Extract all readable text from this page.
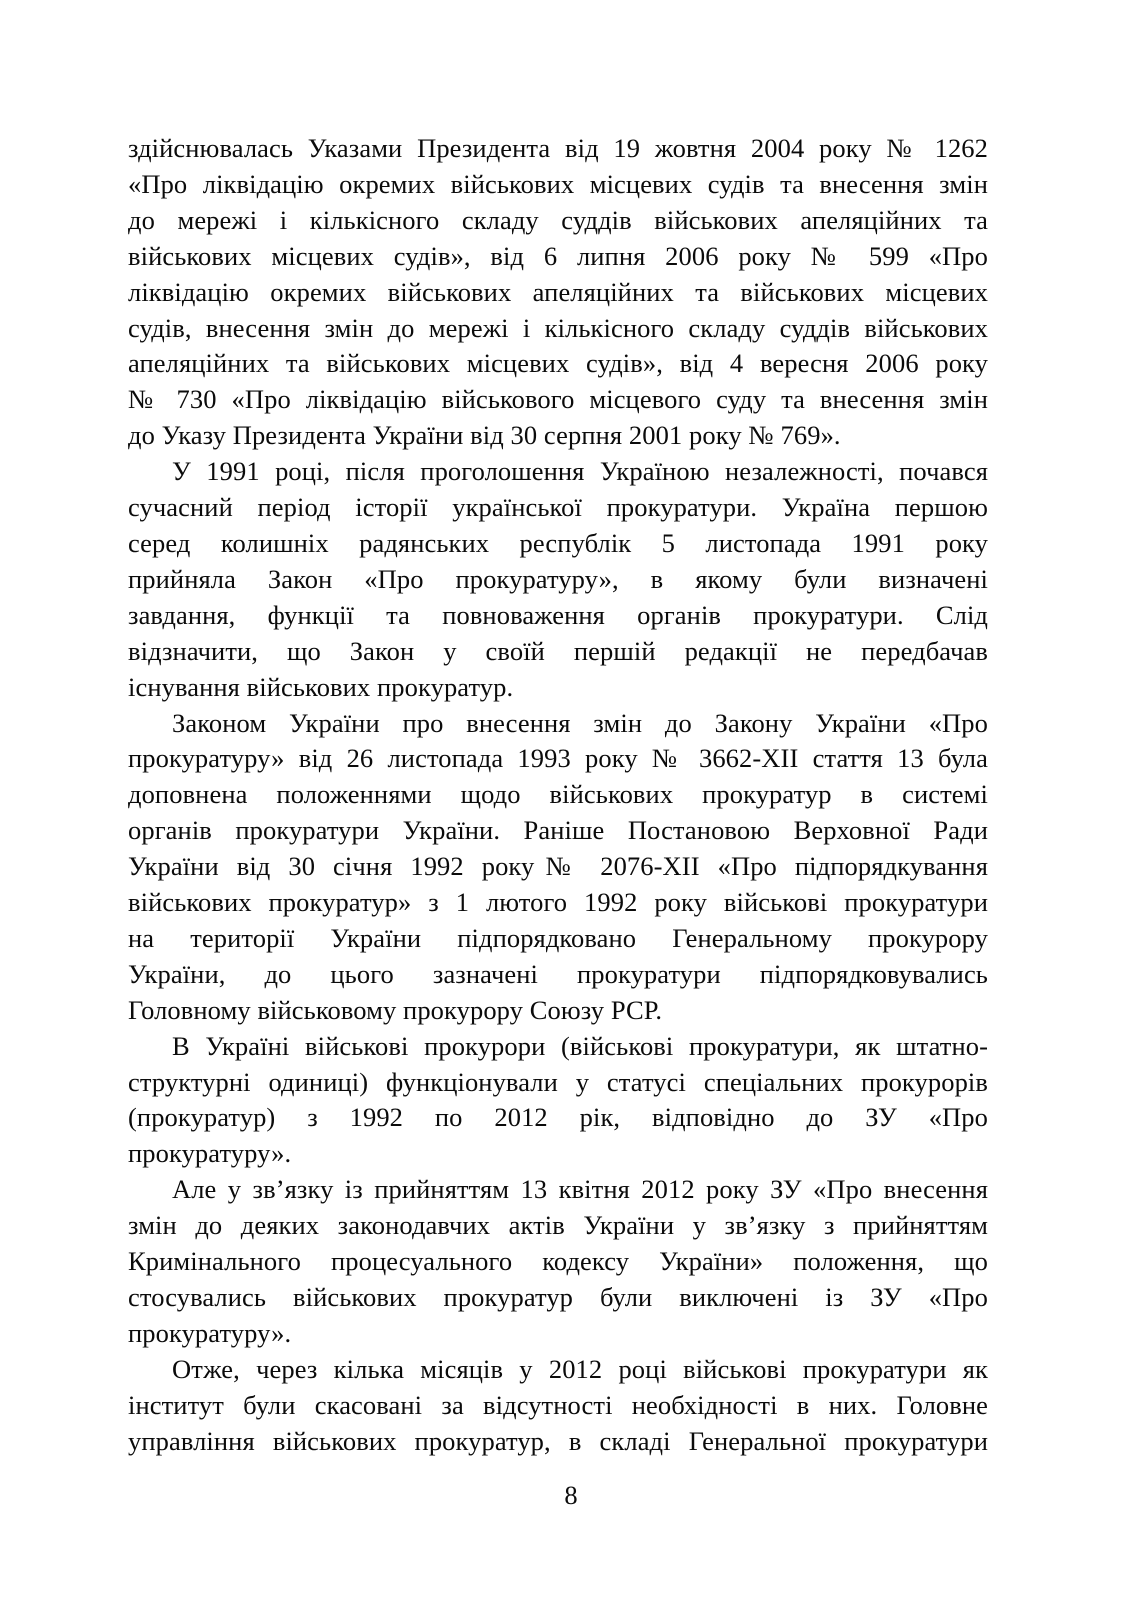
здійснювалась Указами Президента від 19 жовтня 2004 року № 1262
«Про ліквідацію окремих військових місцевих судів та внесення змін
до мережі і кількісного складу суддів військових апеляційних та
військових місцевих судів», від 6 липня 2006 року № 599 «Про
ліквідацію окремих військових апеляційних та військових місцевих
судів, внесення змін до мережі і кількісного складу суддів військових
апеляційних та військових місцевих судів», від 4 вересня 2006 року
№ 730 «Про ліквідацію військового місцевого суду та внесення змін
до Указу Президента України від 30 серпня 2001 року № 769».
У 1991 році, після проголошення Україною незалежності, почався
сучасний період історії української прокуратури. Україна першою
серед колишніх радянських республік 5 листопада 1991 року
прийняла Закон «Про прокуратуру», в якому були визначені
завдання, функції та повноваження органів прокуратури. Слід
відзначити, що Закон у своїй першій редакції не передбачав
існування військових прокуратур.
Законом України про внесення змін до Закону України «Про
прокуратуру» від 26 листопада 1993 року № 3662-XII стаття 13 була
доповнена положеннями щодо військових прокуратур в системі
органів прокуратури України. Раніше Постановою Верховної Ради
України від 30 січня 1992 року№ 2076-XII «Про підпорядкування
військових прокуратур» з 1 лютого 1992 року військові прокуратури
на території України підпорядковано Генеральному прокурору
України, до цього зазначені прокуратури підпорядковувались
Головному військовому прокурору Союзу РСР.
В Україні військові прокурори (військові прокуратури, як штатно-
структурні одиниці) функціонували у статусі спеціальних прокурорів
(прокуратур) з 1992 по 2012 рік, відповідно до ЗУ «Про
прокуратуру».
Але у зв’язку із прийняттям 13 квітня 2012 року ЗУ «Про внесення
змін до деяких законодавчих актів України у зв’язку з прийняттям
Кримінального процесуального кодексу України» положення, що
стосувались військових прокуратур були виключені із ЗУ «Про
прокуратуру».
Отже, через кілька місяців у 2012 році військові прокуратури як
інститут були скасовані за відсутності необхідності в них. Головне
управління військових прокуратур, в складі Генеральної прокуратури
8
